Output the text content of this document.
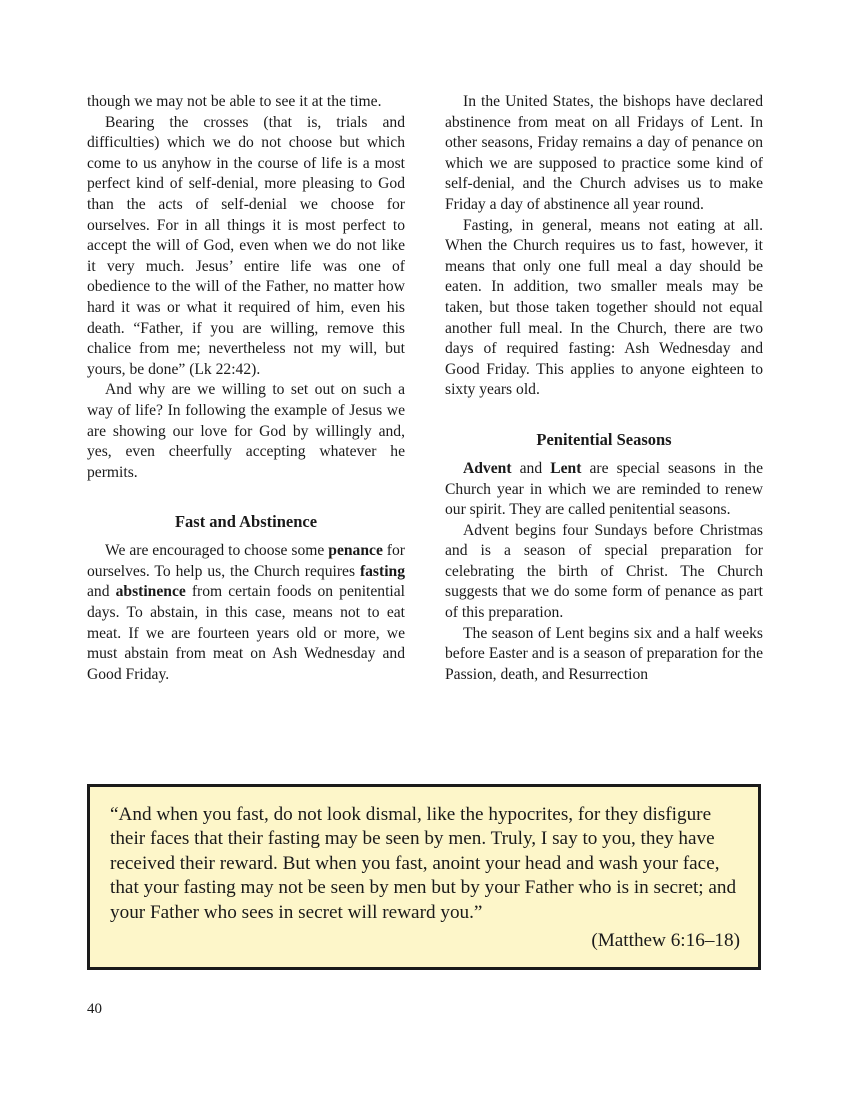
though we may not be able to see it at the time.

Bearing the crosses (that is, trials and difficulties) which we do not choose but which come to us anyhow in the course of life is a most perfect kind of self-denial, more pleasing to God than the acts of self-denial we choose for ourselves. For in all things it is most perfect to accept the will of God, even when we do not like it very much. Jesus’ entire life was one of obedience to the will of the Father, no matter how hard it was or what it required of him, even his death. “Father, if you are willing, remove this chalice from me; nevertheless not my will, but yours, be done” (Lk 22:42).

And why are we willing to set out on such a way of life? In following the example of Jesus we are showing our love for God by willingly and, yes, even cheerfully accepting whatever he permits.

Fast and Abstinence

We are encouraged to choose some penance for ourselves. To help us, the Church requires fasting and abstinence from certain foods on penitential days. To abstain, in this case, means not to eat meat. If we are fourteen years old or more, we must abstain from meat on Ash Wednesday and Good Friday.

In the United States, the bishops have declared abstinence from meat on all Fridays of Lent. In other seasons, Friday remains a day of penance on which we are supposed to practice some kind of self-denial, and the Church advises us to make Friday a day of abstinence all year round.

Fasting, in general, means not eating at all. When the Church requires us to fast, however, it means that only one full meal a day should be eaten. In addition, two smaller meals may be taken, but those taken together should not equal another full meal. In the Church, there are two days of required fasting: Ash Wednesday and Good Friday. This applies to anyone eighteen to sixty years old.

Penitential Seasons

Advent and Lent are special seasons in the Church year in which we are reminded to renew our spirit. They are called penitential seasons.

Advent begins four Sundays before Christmas and is a season of special preparation for celebrating the birth of Christ. The Church suggests that we do some form of penance as part of this preparation.

The season of Lent begins six and a half weeks before Easter and is a season of preparation for the Passion, death, and Resurrection

“And when you fast, do not look dismal, like the hypocrites, for they disfigure their faces that their fasting may be seen by men. Truly, I say to you, they have received their reward. But when you fast, anoint your head and wash your face, that your fasting may not be seen by men but by your Father who is in secret; and your Father who sees in secret will reward you.”

(Matthew 6:16–18)

40
